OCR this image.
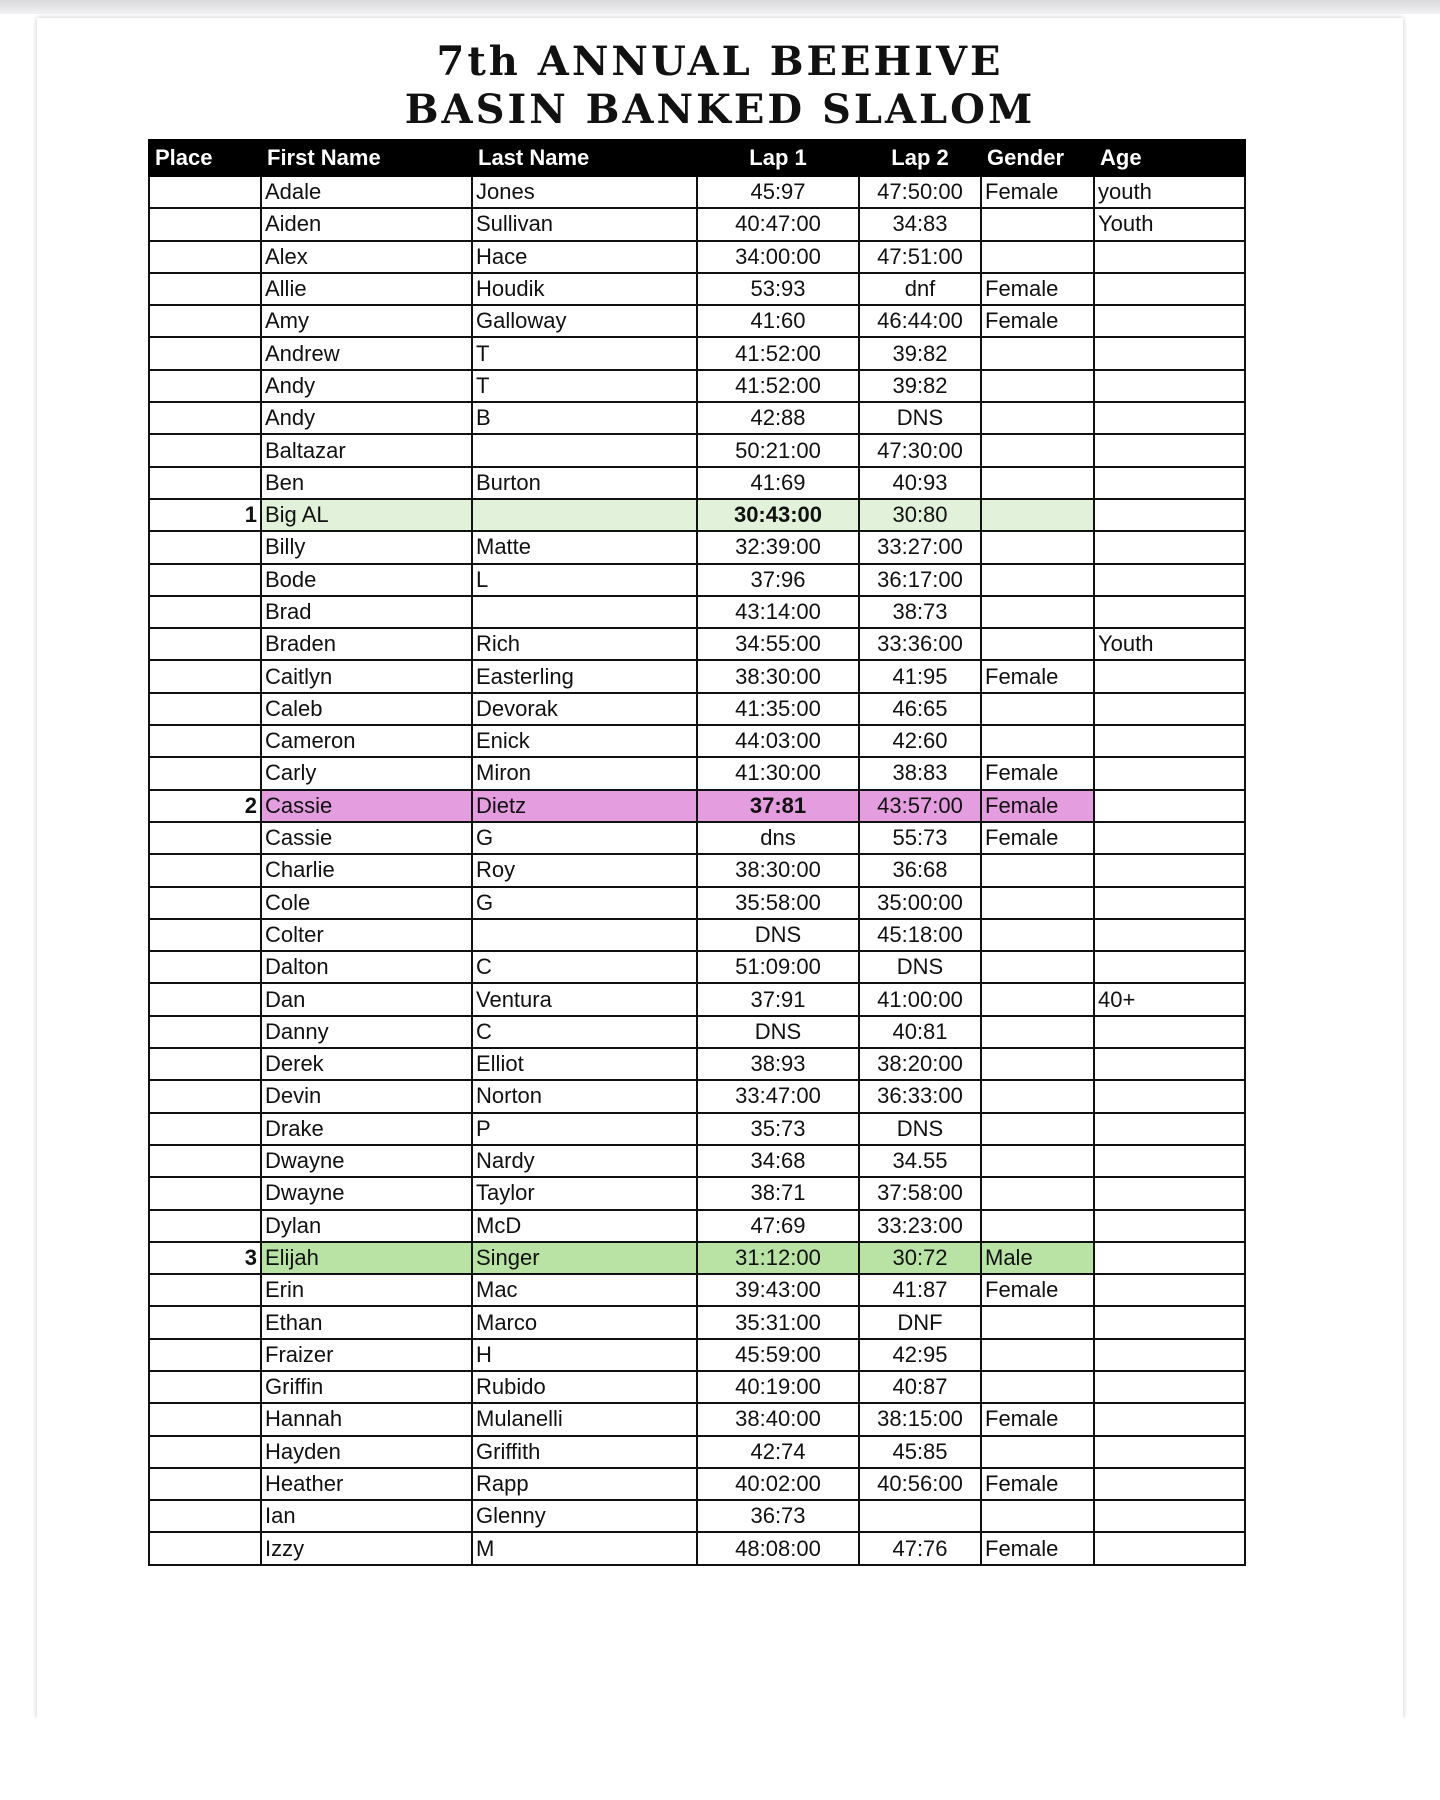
7th ANNUAL BEEHIVE
BASIN BANKED SLALOM
Place	First Name	Last Name	Lap 1	Lap 2	Gender	Age
	Adale	Jones	45:97	47:50:00	Female	youth
	Aiden	Sullivan	40:47:00	34:83		Youth
	Alex	Hace	34:00:00	47:51:00		
	Allie	Houdik	53:93	dnf	Female	
	Amy	Galloway	41:60	46:44:00	Female	
	Andrew	T	41:52:00	39:82		
	Andy	T	41:52:00	39:82		
	Andy	B	42:88	DNS		
	Baltazar		50:21:00	47:30:00		
	Ben	Burton	41:69	40:93		
1	Big AL		30:43:00	30:80		
	Billy	Matte	32:39:00	33:27:00		
	Bode	L	37:96	36:17:00		
	Brad		43:14:00	38:73		
	Braden	Rich	34:55:00	33:36:00		Youth
	Caitlyn	Easterling	38:30:00	41:95	Female	
	Caleb	Devorak	41:35:00	46:65		
	Cameron	Enick	44:03:00	42:60		
	Carly	Miron	41:30:00	38:83	Female	
2	Cassie	Dietz	37:81	43:57:00	Female	
	Cassie	G	dns	55:73	Female	
	Charlie	Roy	38:30:00	36:68		
	Cole	G	35:58:00	35:00:00		
	Colter		DNS	45:18:00		
	Dalton	C	51:09:00	DNS		
	Dan	Ventura	37:91	41:00:00		40+
	Danny	C	DNS	40:81		
	Derek	Elliot	38:93	38:20:00		
	Devin	Norton	33:47:00	36:33:00		
	Drake	P	35:73	DNS		
	Dwayne	Nardy	34:68	34.55		
	Dwayne	Taylor	38:71	37:58:00		
	Dylan	McD	47:69	33:23:00		
3	Elijah	Singer	31:12:00	30:72	Male	
	Erin	Mac	39:43:00	41:87	Female	
	Ethan	Marco	35:31:00	DNF		
	Fraizer	H	45:59:00	42:95		
	Griffin	Rubido	40:19:00	40:87		
	Hannah	Mulanelli	38:40:00	38:15:00	Female	
	Hayden	Griffith	42:74	45:85		
	Heather	Rapp	40:02:00	40:56:00	Female	
	Ian	Glenny	36:73			
	Izzy	M	48:08:00	47:76	Female	
